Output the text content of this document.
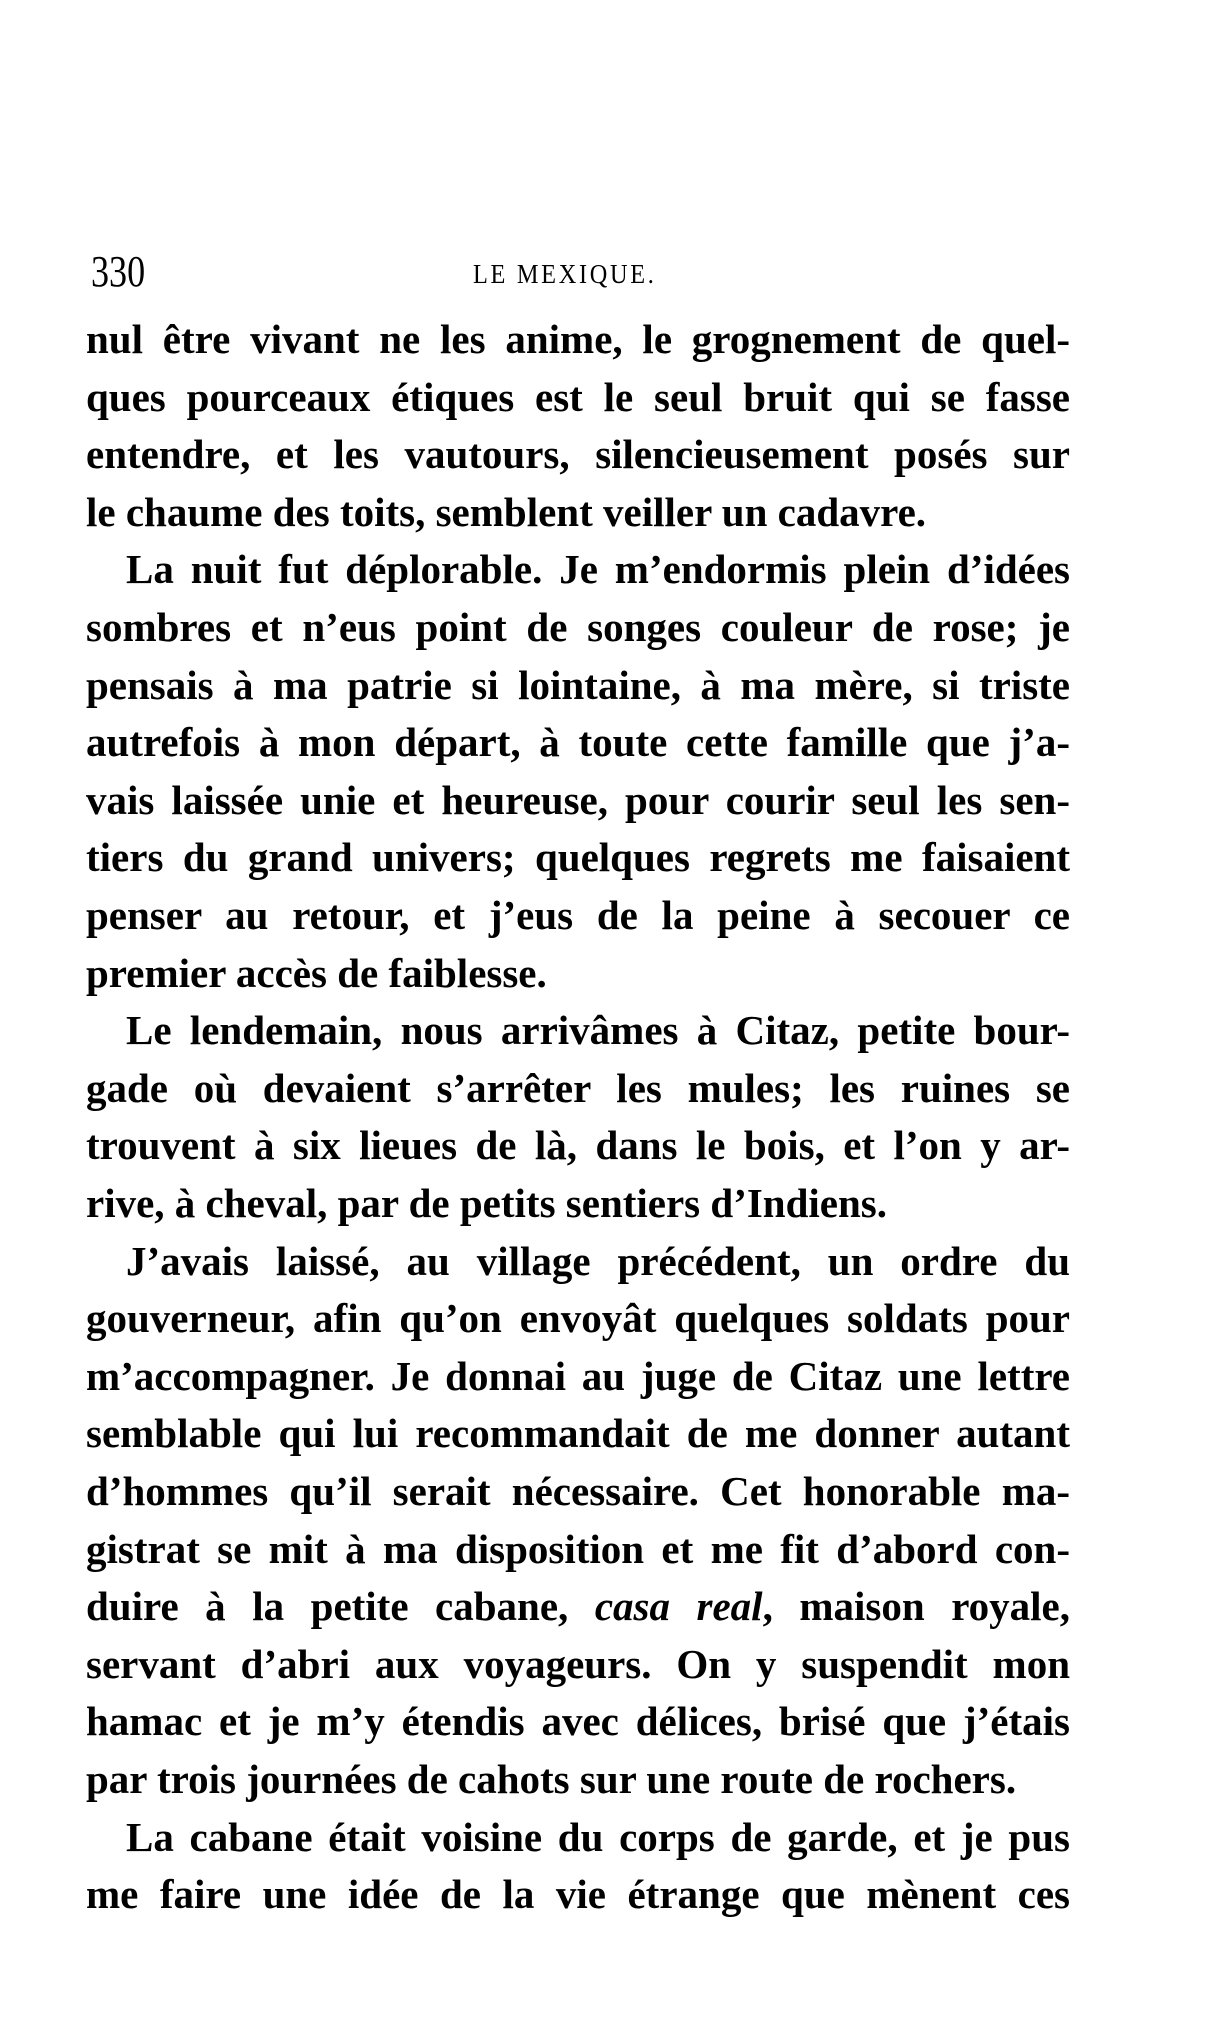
330	LE MEXIQUE.
nul être vivant ne les anime, le grognement de quel-
ques pourceaux étiques est le seul bruit qui se fasse
entendre, et les vautours, silencieusement posés sur
le chaume des toits, semblent veiller un cadavre.
La nuit fut déplorable. Je m’endormis plein d’idées
sombres et n’eus point de songes couleur de rose; je
pensais à ma patrie si lointaine, à ma mère, si triste
autrefois à mon départ, à toute cette famille que j’a-
vais laissée unie et heureuse, pour courir seul les sen-
tiers du grand univers; quelques regrets me faisaient
penser au retour, et j’eus de la peine à secouer ce
premier accès de faiblesse.
Le lendemain, nous arrivâmes à Citaz, petite bour-
gade où devaient s’arrêter les mules; les ruines se
trouvent à six lieues de là, dans le bois, et l’on y ar-
rive, à cheval, par de petits sentiers d’Indiens.
J’avais laissé, au village précédent, un ordre du
gouverneur, afin qu’on envoyât quelques soldats pour
m’accompagner. Je donnai au juge de Citaz une lettre
semblable qui lui recommandait de me donner autant
d’hommes qu’il serait nécessaire. Cet honorable ma-
gistrat se mit à ma disposition et me fit d’abord con-
duire à la petite cabane, casa real, maison royale,
servant d’abri aux voyageurs. On y suspendit mon
hamac et je m’y étendis avec délices, brisé que j’étais
par trois journées de cahots sur une route de rochers.
La cabane était voisine du corps de garde, et je pus
me faire une idée de la vie étrange que mènent ces
